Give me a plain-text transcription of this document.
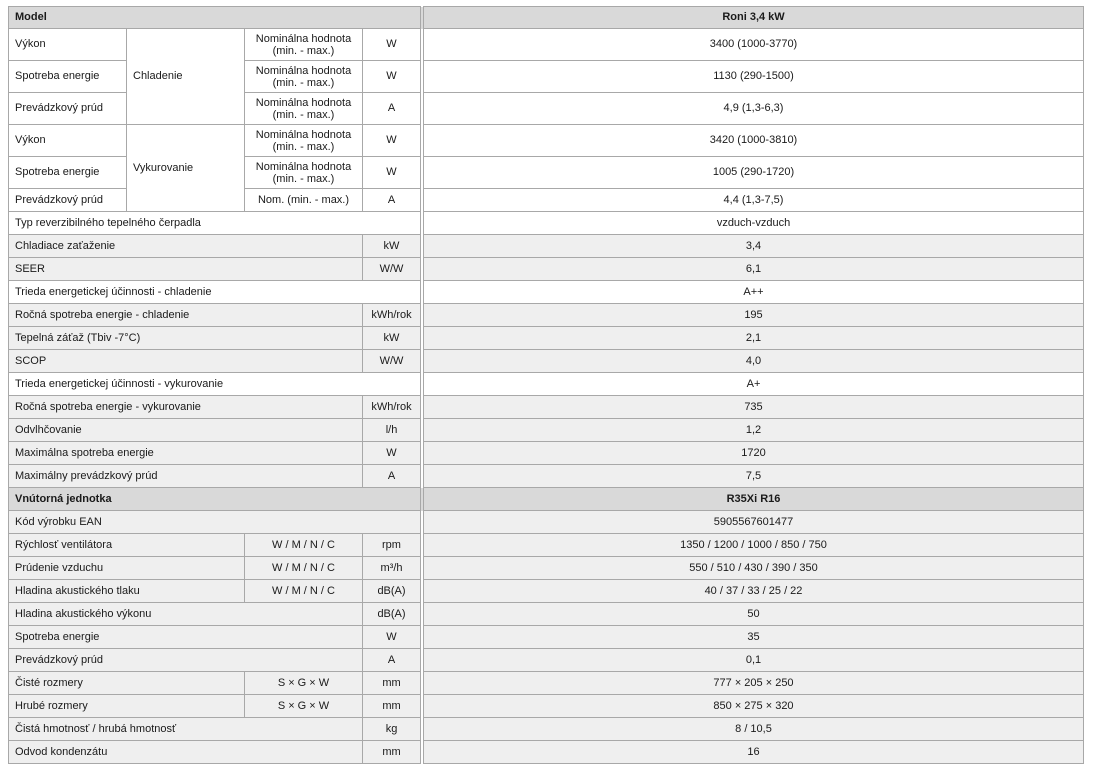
Model					Roni 3,4 kW
Výkon	Chladenie	Nominálna hodnota (min. - max.)	W		3400 (1000-3770)
Spotreba energie		Nominálna hodnota (min. - max.)	W		1130 (290-1500)
Prevádzkový prúd		Nominálna hodnota (min. - max.)	A		4,9 (1,3-6,3)
Výkon	Vykurovanie	Nominálna hodnota (min. - max.)	W		3420 (1000-3810)
Spotreba energie		Nominálna hodnota (min. - max.)	W		1005 (290-1720)
Prevádzkový prúd		Nom. (min. - max.)	A		4,4 (1,3-7,5)
Typ reverzibilného tepelného čerpadla					vzduch-vzduch
Chladiace zaťaženie			kW		3,4
SEER			W/W		6,1
Trieda energetickej účinnosti - chladenie					A++
Ročná spotreba energie - chladenie			kWh/rok		195
Tepelná záťaž (Tbiv -7°C)			kW		2,1
SCOP			W/W		4,0
Trieda energetickej účinnosti - vykurovanie					A+
Ročná spotreba energie - vykurovanie			kWh/rok		735
Odvlhčovanie			l/h		1,2
Maximálna spotreba energie			W		1720
Maximálny prevádzkový prúd			A		7,5
Vnútorná jednotka					R35Xi R16
Kód výrobku EAN					5905567601477
Rýchlosť ventilátora		W / M / N / C	rpm		1350 / 1200 / 1000 / 850 / 750
Prúdenie vzduchu		W / M / N / C	m³/h		550 / 510 / 430 / 390 / 350
Hladina akustického tlaku		W / M / N / C	dB(A)		40 / 37 / 33 / 25 / 22
Hladina akustického výkonu			dB(A)		50
Spotreba energie			W		35
Prevádzkový prúd			A		0,1
Čisté rozmery		S × G × W	mm		777 × 205 × 250
Hrubé rozmery		S × G × W	mm		850 × 275 × 320
Čistá hmotnosť / hrubá hmotnosť			kg		8 / 10,5
Odvod kondenzátu			mm		16
